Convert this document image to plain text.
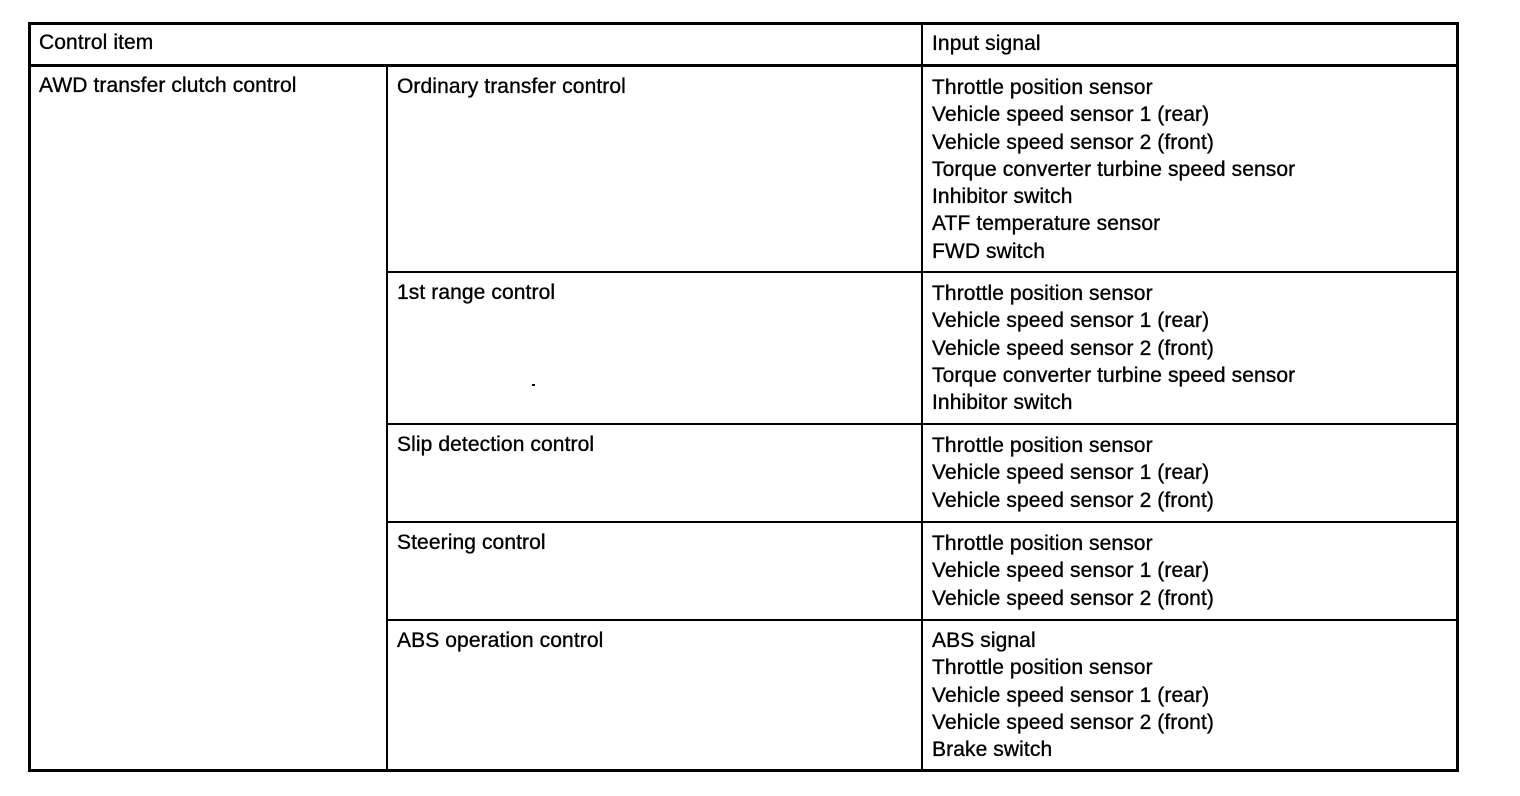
Control item	Input signal
AWD transfer clutch control	Ordinary transfer control	Throttle position sensor
Vehicle speed sensor 1 (rear)
Vehicle speed sensor 2 (front)
Torque converter turbine speed sensor
Inhibitor switch
ATF temperature sensor
FWD switch
1st range control	Throttle position sensor
Vehicle speed sensor 1 (rear)
Vehicle speed sensor 2 (front)
Torque converter turbine speed sensor
Inhibitor switch
Slip detection control	Throttle position sensor
Vehicle speed sensor 1 (rear)
Vehicle speed sensor 2 (front)
Steering control	Throttle position sensor
Vehicle speed sensor 1 (rear)
Vehicle speed sensor 2 (front)
ABS operation control	ABS signal
Throttle position sensor
Vehicle speed sensor 1 (rear)
Vehicle speed sensor 2 (front)
Brake switch
